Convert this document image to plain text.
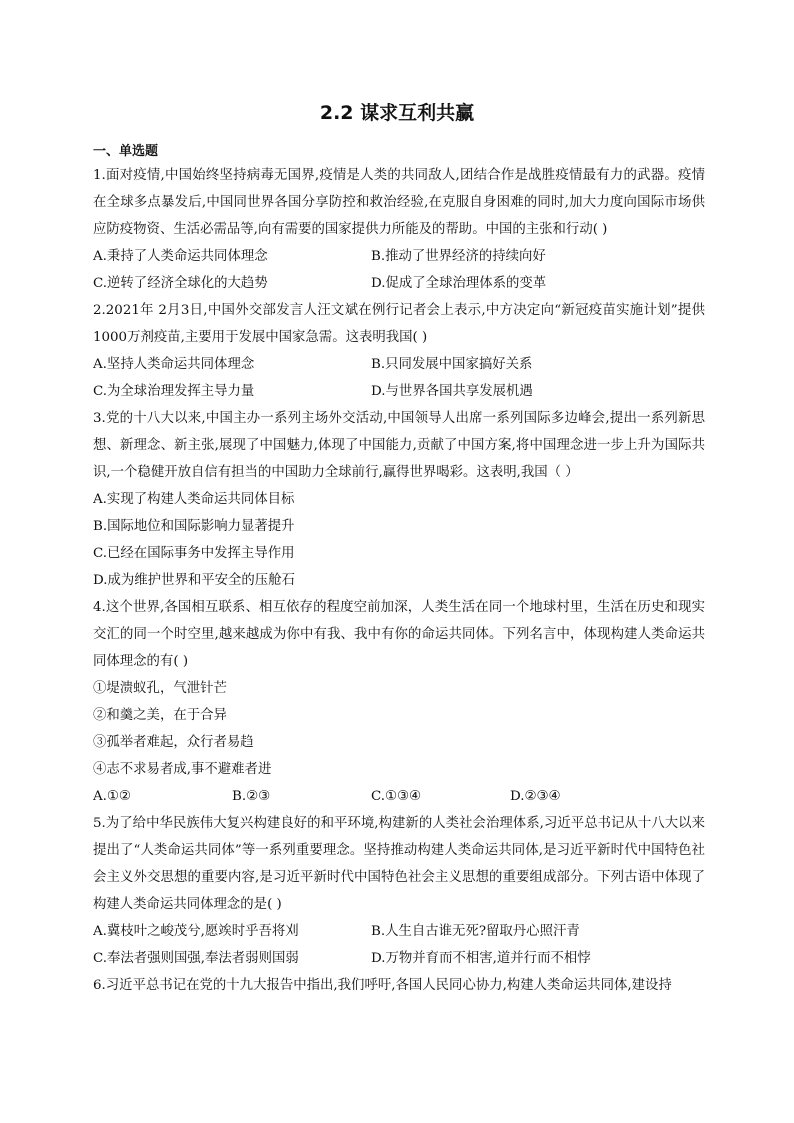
2.2 谋求互利共赢
一、单选题
1.面对疫情,中国始终坚持病毒无国界,疫情是人类的共同敌人,团结合作是战胜疫情最有力的武器。疫情在全球多点暴发后,中国同世界各国分享防控和救治经验,在克服自身困难的同时,加大力度向国际市场供应防疫物资、生活必需品等,向有需要的国家提供力所能及的帮助。中国的主张和行动( )
A.秉持了人类命运共同体理念	B.推动了世界经济的持续向好
C.逆转了经济全球化的大趋势	D.促成了全球治理体系的变革
2.2021年 2月3日,中国外交部发言人汪文斌在例行记者会上表示,中方决定向“新冠疫苗实施计划”提供 1000万剂疫苗,主要用于发展中国家急需。这表明我国( )
A.坚持人类命运共同体理念	B.只同发展中国家搞好关系
C.为全球治理发挥主导力量	D.与世界各国共享发展机遇
3.党的十八大以来,中国主办一系列主场外交活动,中国领导人出席一系列国际多边峰会,提出一系列新思想、新理念、新主张,展现了中国魅力,体现了中国能力,贡献了中国方案,将中国理念进一步上升为国际共识,一个稳健开放自信有担当的中国助力全球前行,赢得世界喝彩。这表明,我国（ ）
A.实现了构建人类命运共同体目标
B.国际地位和国际影响力显著提升
C.已经在国际事务中发挥主导作用
D.成为维护世界和平安全的压舱石
4.这个世界,各国相互联系、相互依存的程度空前加深，人类生活在同一个地球村里，生活在历史和现实交汇的同一个时空里,越来越成为你中有我、我中有你的命运共同体。下列名言中，体现构建人类命运共同体理念的有( )
①堤溃蚁孔，气泄针芒
②和羹之美，在于合异
③孤举者难起，众行者易趋
④志不求易者成,事不避难者进
A.①②	B.②③	C.①③④	D.②③④
5.为了给中华民族伟大复兴构建良好的和平环境,构建新的人类社会治理体系,习近平总书记从十八大以来提出了“人类命运共同体”等一系列重要理念。坚持推动构建人类命运共同体,是习近平新时代中国特色社会主义外交思想的重要内容,是习近平新时代中国特色社会主义思想的重要组成部分。下列古语中体现了构建人类命运共同体理念的是( )
A.冀枝叶之峻茂兮,愿竢时乎吾将刈	B.人生自古谁无死?留取丹心照汗青
C.奉法者强则国强,奉法者弱则国弱	D.万物并育而不相害,道并行而不相悖
6.习近平总书记在党的十九大报告中指出,我们呼吁,各国人民同心协力,构建人类命运共同体,建设持
